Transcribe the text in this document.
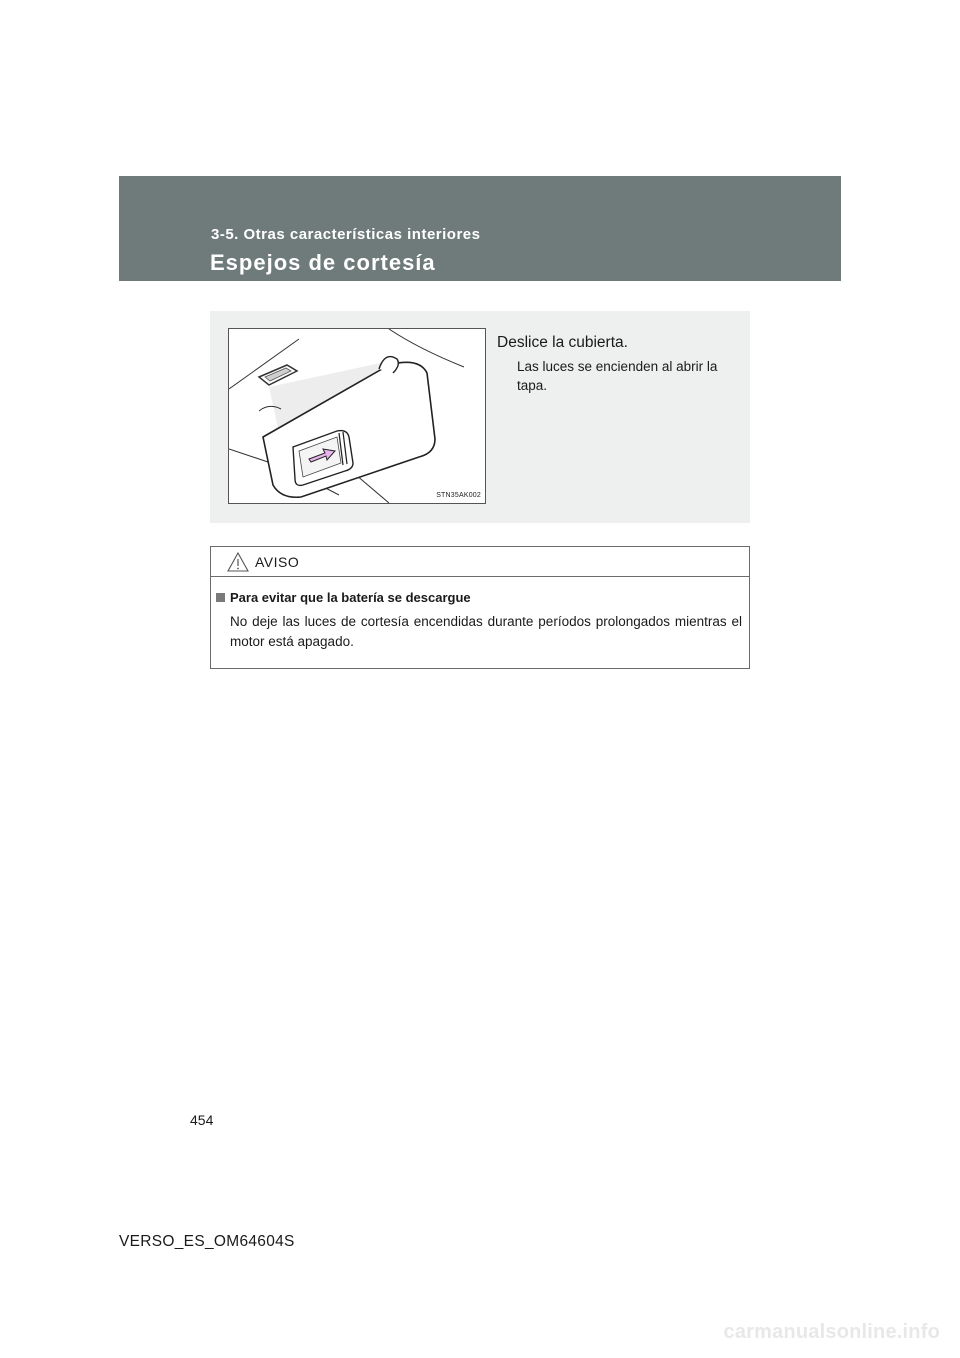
3-5. Otras características interiores
Espejos de cortesía
STN35AK002
Deslice la cubierta.
Las luces se encienden al abrir la tapa.
AVISO
Para evitar que la batería se descargue
No deje las luces de cortesía encendidas durante períodos prolongados mientras el motor está apagado.
454
VERSO_ES_OM64604S
carmanualsonline.info
